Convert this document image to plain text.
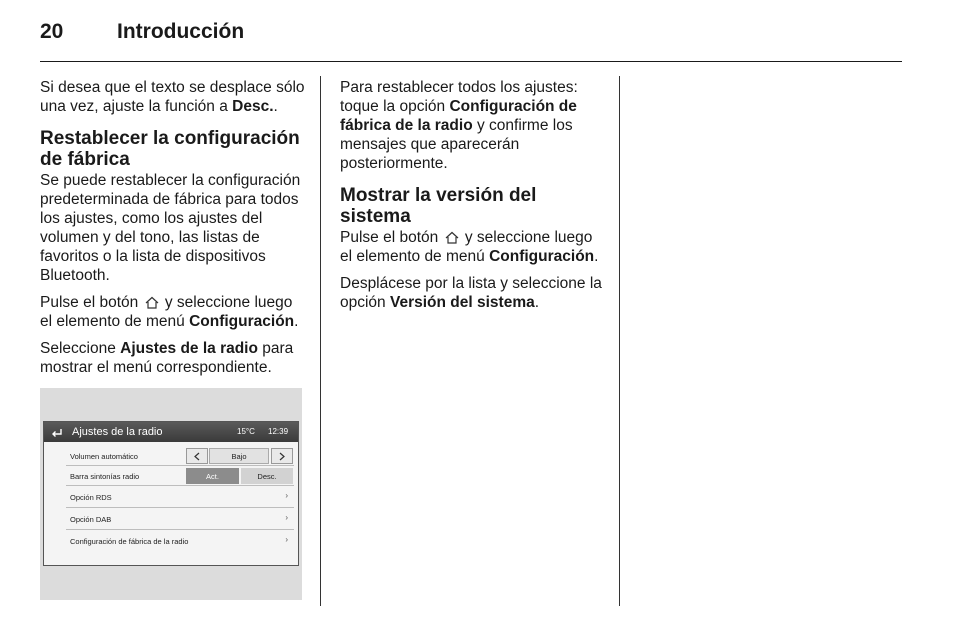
20	Introducción

Si desea que el texto se desplace sólo una vez, ajuste la función a Desc..

Restablecer la configuración de fábrica

Se puede restablecer la configuración predeterminada de fábrica para todos los ajustes, como los ajustes del volumen y del tono, las listas de favoritos o la lista de dispositivos Bluetooth.

Pulse el botón y seleccione luego el elemento de menú Configuración.

Seleccione Ajustes de la radio para mostrar el menú correspondiente.

Ajustes de la radio	15°C 12:39
Volumen automático	Bajo
Barra sintonías radio	Act.	Desc.
Opción RDS	›
Opción DAB	›
Configuración de fábrica de la radio	›

Para restablecer todos los ajustes: toque la opción Configuración de fábrica de la radio y confirme los mensajes que aparecerán posteriormente.

Mostrar la versión del sistema

Pulse el botón y seleccione luego el elemento de menú Configuración.

Desplácese por la lista y seleccione la opción Versión del sistema.
